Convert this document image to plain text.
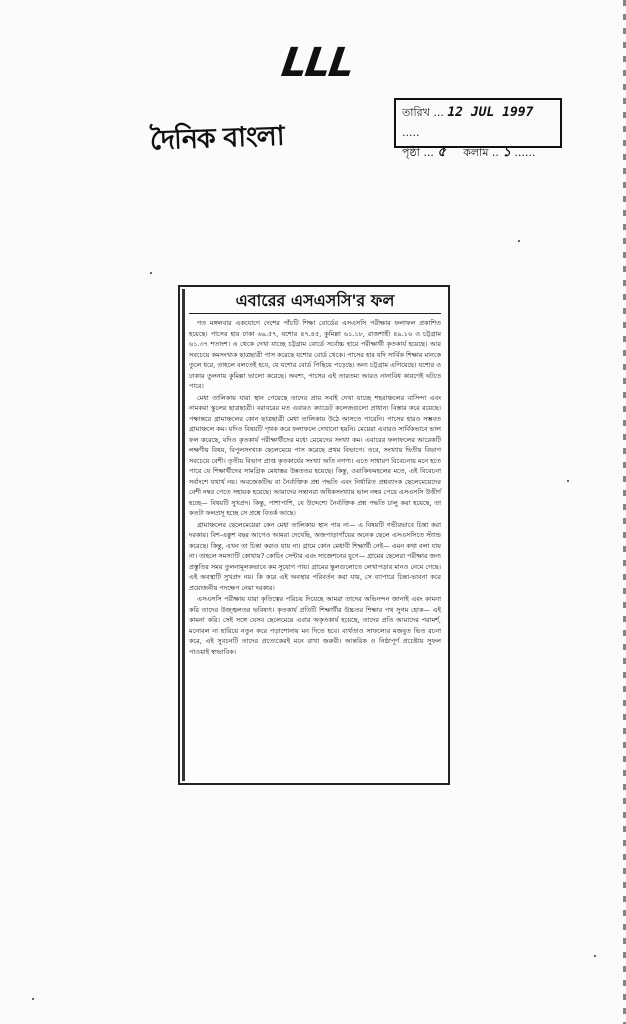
LLL
দৈনিক বাংলা
তারিখ ... 12 JUL 1997 .....
পৃষ্ঠা ... ৫ কলাম .. ১ ......
এবারের এসএসসি'র ফল

গত মঙ্গলবার একযোগে দেশের পাঁচটি শিক্ষা বোর্ডের এসএসসি পরীক্ষার ফলাফল প্রকাশিত হয়েছে। পাসের হার ঢাকা ৬৯.৫৭, যশোর ৪৭.৪৫, কুমিল্লা ৬১.১৮, রাজশাহী ৪৯.১৬ ও চট্টগ্রাম ৬১.৩৭ শতাংশ। এ থেকে দেখা যাচ্ছে চট্টগ্রাম বোর্ডে সর্বোচ্চ হারে পরীক্ষার্থী কৃতকার্য হয়েছে। আর সবচেয়ে কমসংখ্যক ছাত্রছাত্রী পাস করেছে যশোর বোর্ড থেকে। পাসের হার যদি সার্বিক শিক্ষার মানকে তুলে ধরে, তাহলে বলতেই হবে, যে যশোর বোর্ড পিছিয়ে পড়েছে। অন্য চট্টগ্রাম এগিয়েছে। যশোর ও ঢাকার তুলনায় কুমিল্লা ভালো করেছে। অবশ্য, পাসের এই তারতম্য আরও নানাবিধ কারণেই ঘটতে পারে।

মেধা তালিকায় যারা স্থান পেয়েছে তাদের প্রায় সবাই দেখা যাচ্ছে শহরাঞ্চলের বাসিন্দা এবং নামকরা স্কুলের ছাত্রছাত্রী। বরাবরের মত এবারও ক্যাডেট কলেজগুলো প্রাধান্য বিস্তার করে রয়েছে। পক্ষান্তরে গ্রামাঞ্চলের কোন ছাত্রছাত্রী মেধা তালিকায় উঠে আসতে পারেনি। পাসের হারও সম্ভবত গ্রামাঞ্চলে কম। যদিও বিষয়টি পৃথক করে ফলাফলে দেখানো হয়নি। মেয়েরা এবারও সার্বিকভাবে ভাল ফল করেছে, যদিও কৃতকার্য পরীক্ষার্থীদের মধ্যে মেয়েদের সংখ্যা কম। এবারের ফলাফলের আরেকটি লক্ষণীয় বিষয়, বিপুলসংখ্যক ছেলেমেয়ে পাস করেছে প্রথম বিভাগে। তবে, সংখ্যায় দ্বিতীয় বিভাগ সবচেয়ে বেশী। তৃতীয় বিভাগ প্রাপ্ত কৃতকার্যের সংখ্যা অতি নগণ্য। এতে সাধারণ বিবেচনায় মনে হতে পারে যে শিক্ষার্থীদের সামগ্রিক মেধাস্তর উন্নততর হয়েছে। কিন্তু, ওয়াকিফমহলের মতে, এই বিবেচনা সর্বাংশে যথার্থ নয়। অবজেকটিভ বা নৈর্ব্যক্তিক প্রশ্ন পদ্ধতি এবং নির্ধারিত প্রশ্নব্যাংক ছেলেমেয়েদের বেশী নম্বর পেতে সহায়ক হয়েছে। আমাদের সন্তানরা অধিকসংখ্যায় ভাল নম্বর পেয়ে এসএসসি উত্তীর্ণ হচ্ছে— বিষয়টি সুখপ্রদ। কিন্তু, পাশাপাশি, যে উদ্দেশ্যে নৈর্ব্যক্তিক প্রশ্ন পদ্ধতি চালু করা হয়েছে, তা কতটা ফলপ্রসূ হচ্ছে সে প্রশ্নে বিতর্ক আছে।

গ্রামাঞ্চলের ছেলেমেয়েরা কেন মেধা তালিকায় স্থান পায় না— এ বিষয়টি গভীরভাবে চিন্তা করা দরকার। বিশ-এক্কুশ বছর আগেও আমরা দেখেছি, অজপাড়াগাঁয়ের অনেক ছেলে এসএসসিতে স্ট্যান্ড করেছে। কিন্তু, এখন তা চিন্তা করাও যায় না। গ্রামে কোন মেধাবী শিক্ষার্থী নেই— এমন কথা বলা যায় না। তাহলে সমস্যাটি কোথায়? কোচিং সেন্টার এবং সাজেশনের যুগে— গ্রামের ছেলেরা পরীক্ষার জন্য প্রস্তুতির সময় তুলনামূলকভাবে কম সুযোগ পায়। গ্রামের স্কুলগুলোতে লেখাপড়ার মানও নেমে গেছে। এই অবস্থাটি সুখপ্রদ নয়। কি করে এই অবস্থার পরিবর্তন করা যায়, সে ব্যাপারে চিন্তা-ভাবনা করে প্রয়োজনীয় পদক্ষেপ নেয়া দরকার।

এসএসসি পরীক্ষায় যারা কৃতিত্বের পরিচয় দিয়েছে আমরা তাদের অভিনন্দন জানাই এবং কামনা করি তাদের উজ্জ্বলতর ভবিষ্যৎ। কৃতকার্য প্রতিটি শিক্ষার্থীর উচ্চতর শিক্ষার পথ সুগম হোক— এই কামনা করি। সেই সঙ্গে যেসব ছেলেমেয়ে এবার অকৃতকার্য হয়েছে, তাদের প্রতি আমাদের পরামর্শ, মনোবল না হারিয়ে নতুন করে পড়াশোনায় মন দিতে হবে। ব্যর্থতাও সাফল্যের মজবুত ভিত রচনা করে, এই সুবচনটি তাদের প্রত্যেকেরই মনে রাখা জরুরী। আন্তরিক ও নিষ্ঠাপূর্ণ প্রচেষ্টায় সুফল পাওয়াই স্বাভাবিক।
